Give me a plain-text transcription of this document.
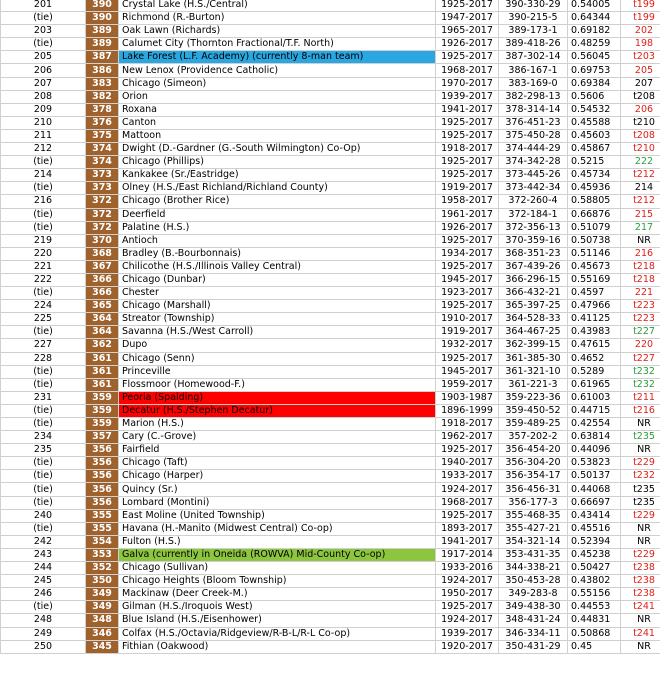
201	390	Crystal Lake (H.S./Central)	1925-2017	390-330-29	0.54005	t199	
(tie)	390	Richmond (R.-Burton)	1947-2017	390-215-5	0.64344	t199	
203	389	Oak Lawn (Richards)	1965-2017	389-173-1	0.69182	202	
(tie)	389	Calumet City (Thornton Fractional/T.F. North)	1926-2017	389-418-26	0.48259	198	
205	387	Lake Forest (L.F. Academy) (currently 8-man team)	1925-2017	387-302-14	0.56045	t203	
206	386	New Lenox (Providence Catholic)	1968-2017	386-167-1	0.69753	205	
207	383	Chicago (Simeon)	1970-2017	383-169-0	0.69384	207	
208	382	Orion	1939-2017	382-298-13	0.5606	t208	
209	378	Roxana	1941-2017	378-314-14	0.54532	206	
210	376	Canton	1925-2017	376-451-23	0.45588	t210	
211	375	Mattoon	1925-2017	375-450-28	0.45603	t208	
212	374	Dwight (D.-Gardner (G.-South Wilmington) Co-Op)	1918-2017	374-444-29	0.45867	t210	
(tie)	374	Chicago (Phillips)	1925-2017	374-342-28	0.5215	222	
214	373	Kankakee (Sr./Eastridge)	1925-2017	373-445-26	0.45734	t212	
(tie)	373	Olney (H.S./East Richland/Richland County)	1919-2017	373-442-34	0.45936	214	
216	372	Chicago (Brother Rice)	1958-2017	372-260-4	0.58805	t212	
(tie)	372	Deerfield	1961-2017	372-184-1	0.66876	215	
(tie)	372	Palatine (H.S.)	1926-2017	372-356-13	0.51079	217	
219	370	Antioch	1925-2017	370-359-16	0.50738	NR	
220	368	Bradley (B.-Bourbonnais)	1934-2017	368-351-23	0.51146	216	
221	367	Chilicothe (H.S./Illinois Valley Central)	1925-2017	367-439-26	0.45673	t218	
222	366	Chicago (Dunbar)	1945-2017	366-296-15	0.55169	t218	
(tie)	366	Chester	1923-2017	366-432-21	0.4597	221	
224	365	Chicago (Marshall)	1925-2017	365-397-25	0.47966	t223	
225	364	Streator (Township)	1910-2017	364-528-33	0.41125	t223	
(tie)	364	Savanna (H.S./West Carroll)	1919-2017	364-467-25	0.43983	t227	
227	362	Dupo	1932-2017	362-399-15	0.47615	220	
228	361	Chicago (Senn)	1925-2017	361-385-30	0.4652	t227	
(tie)	361	Princeville	1945-2017	361-321-10	0.5289	t232	
(tie)	361	Flossmoor (Homewood-F.)	1959-2017	361-221-3	0.61965	t232	
231	359	Peoria (Spalding)	1903-1987	359-223-36	0.61003	t211	
(tie)	359	Decatur (H.S./Stephen Decatur)	1896-1999	359-450-52	0.44715	t216	
(tie)	359	Marion (H.S.)	1918-2017	359-489-25	0.42554	NR	
234	357	Cary (C.-Grove)	1962-2017	357-202-2	0.63814	t235	
235	356	Fairfield	1925-2017	356-454-20	0.44096	NR	
(tie)	356	Chicago (Taft)	1940-2017	356-304-20	0.53823	t229	
(tie)	356	Chicago (Harper)	1933-2017	356-354-17	0.50137	t232	
(tie)	356	Quincy (Sr.)	1924-2017	356-456-31	0.44068	t235	
(tie)	356	Lombard (Montini)	1968-2017	356-177-3	0.66697	t235	
240	355	East Moline (United Township)	1925-2017	355-468-35	0.43414	t229	
(tie)	355	Havana (H.-Manito (Midwest Central) Co-op)	1893-2017	355-427-21	0.45516	NR	
242	354	Fulton (H.S.)	1941-2017	354-321-14	0.52394	NR	
243	353	Galva (currently in Oneida (ROWVA) Mid-County Co-op)	1917-2014	353-431-35	0.45238	t229	
244	352	Chicago (Sullivan)	1933-2016	344-338-21	0.50427	t238	
245	350	Chicago Heights (Bloom Township)	1924-2017	350-453-28	0.43802	t238	
246	349	Mackinaw (Deer Creek-M.)	1950-2017	349-283-8	0.55156	t238	
(tie)	349	Gilman (H.S./Iroquois West)	1925-2017	349-438-30	0.44553	t241	
248	348	Blue Island (H.S./Eisenhower)	1924-2017	348-431-24	0.44831	NR	
249	346	Colfax (H.S./Octavia/Ridgeview/R-B-L/R-L Co-op)	1939-2017	346-334-11	0.50868	t241	
250	345	Fithian (Oakwood)	1920-2017	350-431-29	0.45	NR	
